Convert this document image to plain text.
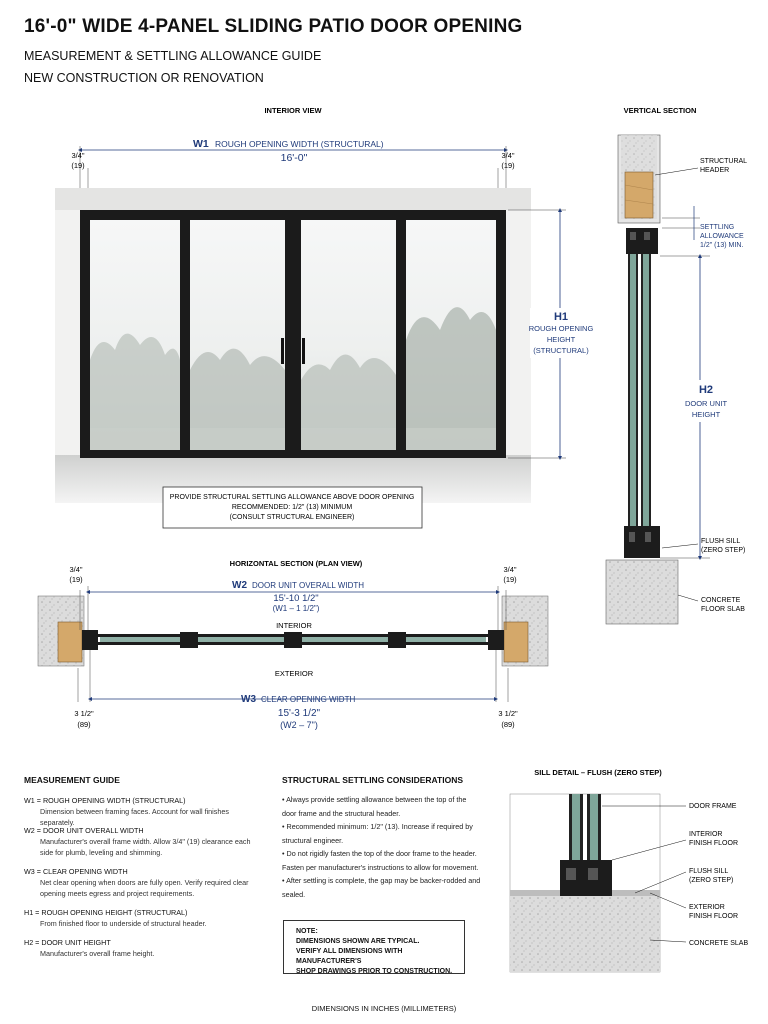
16'-0" WIDE 4-PANEL SLIDING PATIO DOOR OPENING
MEASUREMENT & SETTLING ALLOWANCE GUIDE
NEW CONSTRUCTION OR RENOVATION
INTERIOR VIEW
W1 ROUGH OPENING WIDTH (STRUCTURAL)
16'-0"
3/4"
(19)
3/4"
(19)
H1
ROUGH OPENING
HEIGHT
(STRUCTURAL)
PROVIDE STRUCTURAL SETTLING ALLOWANCE ABOVE DOOR OPENING
RECOMMENDED: 1/2" (13) MINIMUM
(CONSULT STRUCTURAL ENGINEER)
VERTICAL SECTION
STRUCTURAL
HEADER
SETTLING
ALLOWANCE
1/2" (13) MIN.
H2
DOOR UNIT
HEIGHT
FLUSH SILL
(ZERO STEP)
CONCRETE
FLOOR SLAB
HORIZONTAL SECTION (PLAN VIEW)
3/4"
(19)
3/4"
(19)
W2 DOOR UNIT OVERALL WIDTH
15'-10 1/2"
(W1 – 1 1/2")
INTERIOR
EXTERIOR
W3 CLEAR OPENING WIDTH
15'-3 1/2"
(W2 – 7")
3 1/2"
(89)
3 1/2"
(89)
SILL DETAIL – FLUSH (ZERO STEP)
DOOR FRAME
INTERIOR
FINISH FLOOR
FLUSH SILL
(ZERO STEP)
EXTERIOR
FINISH FLOOR
CONCRETE SLAB
MEASUREMENT GUIDE
W1 = ROUGH OPENING WIDTH (STRUCTURAL)
Dimension between framing faces. Account for wall finishes separately.
W2 = DOOR UNIT OVERALL WIDTH
Manufacturer's overall frame width. Allow 3/4" (19) clearance each side for plumb, leveling and shimming.
W3 = CLEAR OPENING WIDTH
Net clear opening when doors are fully open. Verify required clear opening meets egress and project requirements.
H1 = ROUGH OPENING HEIGHT (STRUCTURAL)
From finished floor to underside of structural header.
H2 = DOOR UNIT HEIGHT
Manufacturer's overall frame height.
STRUCTURAL SETTLING CONSIDERATIONS
• Always provide settling allowance between the top of the door frame and the structural header.
• Recommended minimum: 1/2" (13). Increase if required by structural engineer.
• Do not rigidly fasten the top of the door frame to the header. Fasten per manufacturer's instructions to allow for movement.
• After settling is complete, the gap may be backer-rodded and sealed.
NOTE:
DIMENSIONS SHOWN ARE TYPICAL.
VERIFY ALL DIMENSIONS WITH MANUFACTURER'S
SHOP DRAWINGS PRIOR TO CONSTRUCTION.
DIMENSIONS IN INCHES (MILLIMETERS)
